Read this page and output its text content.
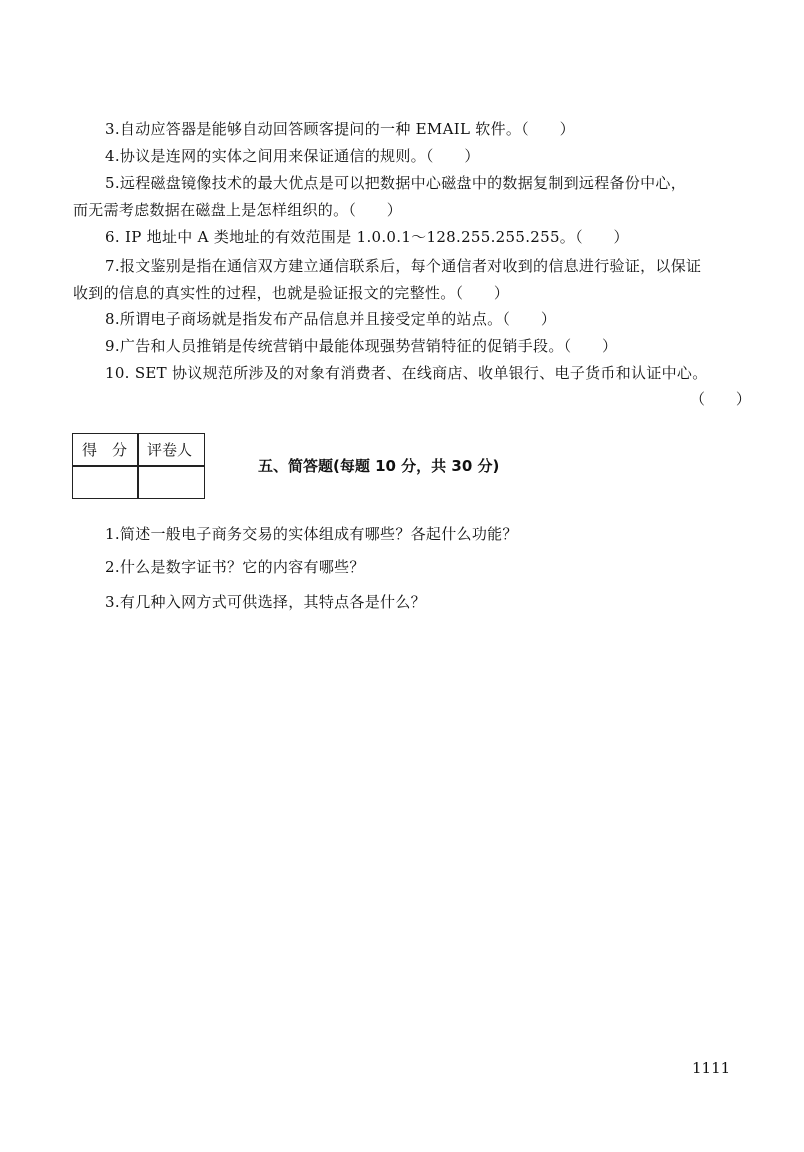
3.自动应答器是能够自动回答顾客提问的一种 EMAIL 软件。（　　）
4.协议是连网的实体之间用来保证通信的规则。（　　）
5.远程磁盘镜像技术的最大优点是可以把数据中心磁盘中的数据复制到远程备份中心，
而无需考虑数据在磁盘上是怎样组织的。（　　）
6. IP 地址中 A 类地址的有效范围是 1.0.0.1～128.255.255.255。（　　）
7.报文鉴别是指在通信双方建立通信联系后，每个通信者对收到的信息进行验证，以保证
收到的信息的真实性的过程，也就是验证报文的完整性。（　　）
8.所谓电子商场就是指发布产品信息并且接受定单的站点。（　　）
9.广告和人员推销是传统营销中最能体现强势营销特征的促销手段。（　　）
10. SET 协议规范所涉及的对象有消费者、在线商店、收单银行、电子货币和认证中心。
（　　）
得　分 评卷人
五、简答题(每题 10 分，共 30 分)
1.简述一般电子商务交易的实体组成有哪些？各起什么功能？
2.什么是数字证书？它的内容有哪些？
3.有几种入网方式可供选择，其特点各是什么？
1111
